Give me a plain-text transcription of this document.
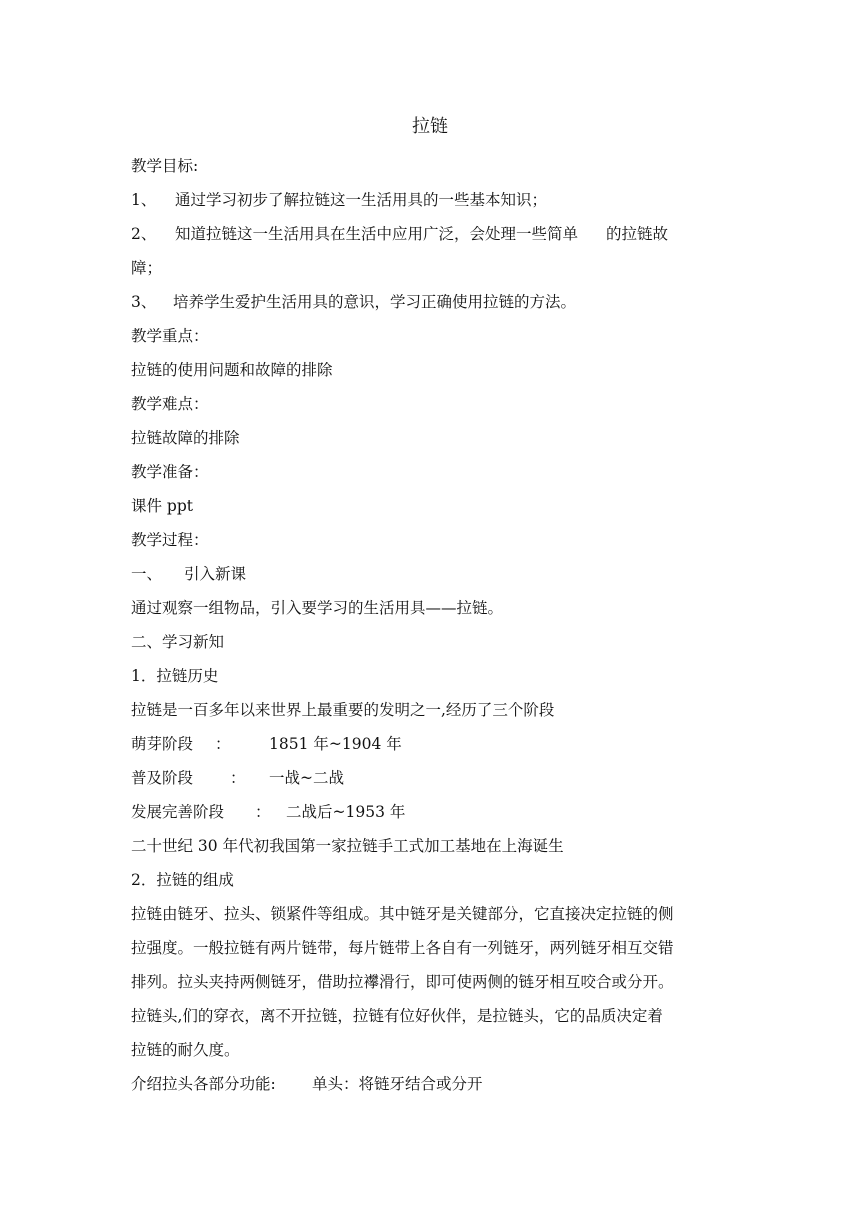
拉链
教学目标:
1、 通过学习初步了解拉链这一生活用具的一些基本知识；
2、 知道拉链这一生活用具在生活中应用广泛，会处理一些简单 的拉链故
障；
3、 培养学生爱护生活用具的意识，学习正确使用拉链的方法。
教学重点：
拉链的使用问题和故障的排除
教学难点：
拉链故障的排除
教学准备：
课件 ppt
教学过程：
一、 引入新课
通过观察一组物品，引入要学习的生活用具——拉链。
二、学习新知
1．拉链历史
拉链是一百多年以来世界上最重要的发明之一,经历了三个阶段
萌芽阶段 ： 1851 年~1904 年
普及阶段 ： 一战~二战
发展完善阶段 ： 二战后~1953 年
二十世纪 30 年代初我国第一家拉链手工式加工基地在上海诞生
2．拉链的组成
拉链由链牙、拉头、锁紧件等组成。其中链牙是关键部分，它直接决定拉链的侧
拉强度。一般拉链有两片链带，每片链带上各自有一列链牙，两列链牙相互交错
排列。拉头夹持两侧链牙，借助拉襻滑行，即可使两侧的链牙相互咬合或分开。
拉链头,们的穿衣，离不开拉链，拉链有位好伙伴，是拉链头，它的品质决定着
拉链的耐久度。
介绍拉头各部分功能: 单头：将链牙结合或分开
